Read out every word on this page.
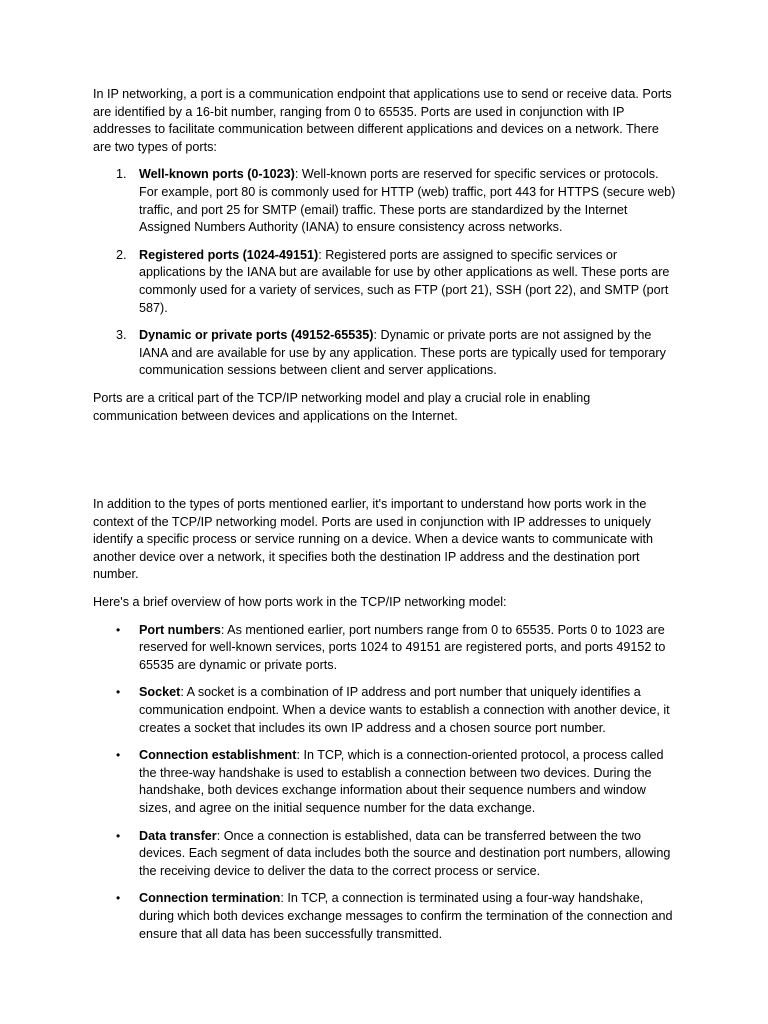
In IP networking, a port is a communication endpoint that applications use to send or receive data. Ports are identified by a 16-bit number, ranging from 0 to 65535. Ports are used in conjunction with IP addresses to facilitate communication between different applications and devices on a network. There are two types of ports:

1. Well-known ports (0-1023): Well-known ports are reserved for specific services or protocols. For example, port 80 is commonly used for HTTP (web) traffic, port 443 for HTTPS (secure web) traffic, and port 25 for SMTP (email) traffic. These ports are standardized by the Internet Assigned Numbers Authority (IANA) to ensure consistency across networks.
2. Registered ports (1024-49151): Registered ports are assigned to specific services or applications by the IANA but are available for use by other applications as well. These ports are commonly used for a variety of services, such as FTP (port 21), SSH (port 22), and SMTP (port 587).
3. Dynamic or private ports (49152-65535): Dynamic or private ports are not assigned by the IANA and are available for use by any application. These ports are typically used for temporary communication sessions between client and server applications.

Ports are a critical part of the TCP/IP networking model and play a crucial role in enabling communication between devices and applications on the Internet.

In addition to the types of ports mentioned earlier, it's important to understand how ports work in the context of the TCP/IP networking model. Ports are used in conjunction with IP addresses to uniquely identify a specific process or service running on a device. When a device wants to communicate with another device over a network, it specifies both the destination IP address and the destination port number.

Here's a brief overview of how ports work in the TCP/IP networking model:

• Port numbers: As mentioned earlier, port numbers range from 0 to 65535. Ports 0 to 1023 are reserved for well-known services, ports 1024 to 49151 are registered ports, and ports 49152 to 65535 are dynamic or private ports.
• Socket: A socket is a combination of IP address and port number that uniquely identifies a communication endpoint. When a device wants to establish a connection with another device, it creates a socket that includes its own IP address and a chosen source port number.
• Connection establishment: In TCP, which is a connection-oriented protocol, a process called the three-way handshake is used to establish a connection between two devices. During the handshake, both devices exchange information about their sequence numbers and window sizes, and agree on the initial sequence number for the data exchange.
• Data transfer: Once a connection is established, data can be transferred between the two devices. Each segment of data includes both the source and destination port numbers, allowing the receiving device to deliver the data to the correct process or service.
• Connection termination: In TCP, a connection is terminated using a four-way handshake, during which both devices exchange messages to confirm the termination of the connection and ensure that all data has been successfully transmitted.
